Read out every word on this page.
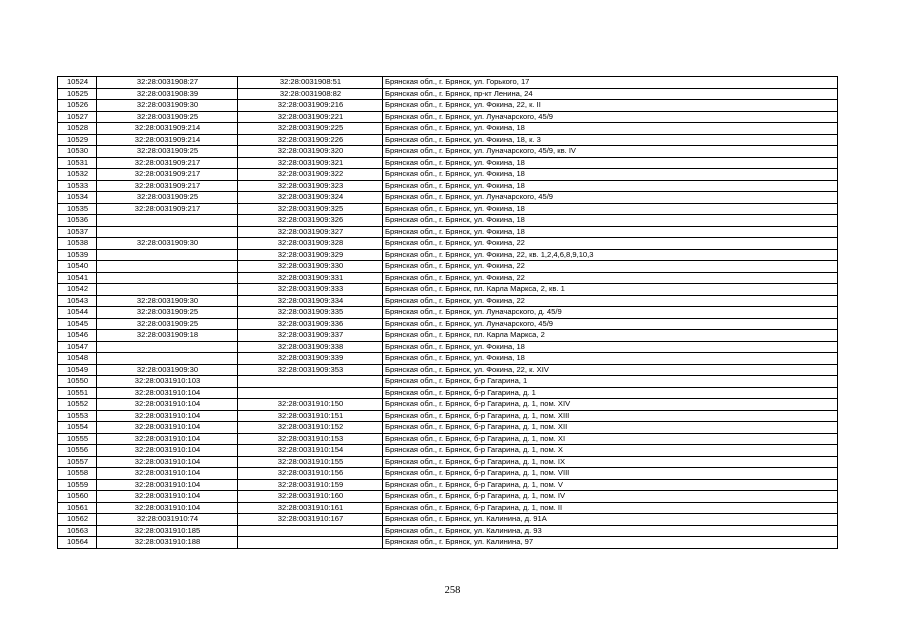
10524	32:28:0031908:27	32:28:0031908:51	Брянская обл., г. Брянск, ул. Горького, 17
10525	32:28:0031908:39	32:28:0031908:82	Брянская обл., г. Брянск, пр-кт Ленина, 24
10526	32:28:0031909:30	32:28:0031909:216	Брянская обл., г. Брянск, ул. Фокина, 22, к. II
10527	32:28:0031909:25	32:28:0031909:221	Брянская обл., г. Брянск, ул. Луначарского, 45/9
10528	32:28:0031909:214	32:28:0031909:225	Брянская обл., г. Брянск, ул. Фокина, 18
10529	32:28:0031909:214	32:28:0031909:226	Брянская обл., г. Брянск, ул. Фокина, 18, к. 3
10530	32:28:0031909:25	32:28:0031909:320	Брянская обл., г. Брянск, ул. Луначарского, 45/9, кв. IV
10531	32:28:0031909:217	32:28:0031909:321	Брянская обл., г. Брянск, ул. Фокина, 18
10532	32:28:0031909:217	32:28:0031909:322	Брянская обл., г. Брянск, ул. Фокина, 18
10533	32:28:0031909:217	32:28:0031909:323	Брянская обл., г. Брянск, ул. Фокина, 18
10534	32:28:0031909:25	32:28:0031909:324	Брянская обл., г. Брянск, ул. Луначарского, 45/9
10535	32:28:0031909:217	32:28:0031909:325	Брянская обл., г. Брянск, ул. Фокина, 18
10536		32:28:0031909:326	Брянская обл., г. Брянск, ул. Фокина, 18
10537		32:28:0031909:327	Брянская обл., г. Брянск, ул. Фокина, 18
10538	32:28:0031909:30	32:28:0031909:328	Брянская обл., г. Брянск, ул. Фокина, 22
10539		32:28:0031909:329	Брянская обл., г. Брянск, ул. Фокина, 22, кв. 1,2,4,6,8,9,10,3
10540		32:28:0031909:330	Брянская обл., г. Брянск, ул. Фокина, 22
10541		32:28:0031909:331	Брянская обл., г. Брянск, ул. Фокина, 22
10542		32:28:0031909:333	Брянская обл., г. Брянск, пл. Карла Маркса, 2, кв. 1
10543	32:28:0031909:30	32:28:0031909:334	Брянская обл., г. Брянск, ул. Фокина, 22
10544	32:28:0031909:25	32:28:0031909:335	Брянская обл., г. Брянск, ул. Луначарского, д. 45/9
10545	32:28:0031909:25	32:28:0031909:336	Брянская обл., г. Брянск, ул. Луначарского, 45/9
10546	32:28:0031909:18	32:28:0031909:337	Брянская обл., г. Брянск, пл. Карла Маркса, 2
10547		32:28:0031909:338	Брянская обл., г. Брянск, ул. Фокина, 18
10548		32:28:0031909:339	Брянская обл., г. Брянск, ул. Фокина, 18
10549	32:28:0031909:30	32:28:0031909:353	Брянская обл., г. Брянск, ул. Фокина, 22, к. XIV
10550	32:28:0031910:103		Брянская обл., г. Брянск, б-р Гагарина, 1
10551	32:28:0031910:104		Брянская обл., г. Брянск, б-р Гагарина, д. 1
10552	32:28:0031910:104	32:28:0031910:150	Брянская обл., г. Брянск, б-р Гагарина, д. 1, пом. XIV
10553	32:28:0031910:104	32:28:0031910:151	Брянская обл., г. Брянск, б-р Гагарина, д. 1, пом. XIII
10554	32:28:0031910:104	32:28:0031910:152	Брянская обл., г. Брянск, б-р Гагарина, д. 1, пом. XII
10555	32:28:0031910:104	32:28:0031910:153	Брянская обл., г. Брянск, б-р Гагарина, д. 1, пом. XI
10556	32:28:0031910:104	32:28:0031910:154	Брянская обл., г. Брянск, б-р Гагарина, д. 1, пом. X
10557	32:28:0031910:104	32:28:0031910:155	Брянская обл., г. Брянск, б-р Гагарина, д. 1, пом. IX
10558	32:28:0031910:104	32:28:0031910:156	Брянская обл., г. Брянск, б-р Гагарина, д. 1, пом. VIII
10559	32:28:0031910:104	32:28:0031910:159	Брянская обл., г. Брянск, б-р Гагарина, д. 1, пом. V
10560	32:28:0031910:104	32:28:0031910:160	Брянская обл., г. Брянск, б-р Гагарина, д. 1, пом. IV
10561	32:28:0031910:104	32:28:0031910:161	Брянская обл., г. Брянск, б-р Гагарина, д. 1, пом. II
10562	32:28:0031910:74	32:28:0031910:167	Брянская обл., г. Брянск, ул. Калинина, д. 91А
10563	32:28:0031910:185		Брянская обл., г. Брянск, ул. Калинина, д. 93
10564	32:28:0031910:188		Брянская обл., г. Брянск, ул. Калинина, 97
258
